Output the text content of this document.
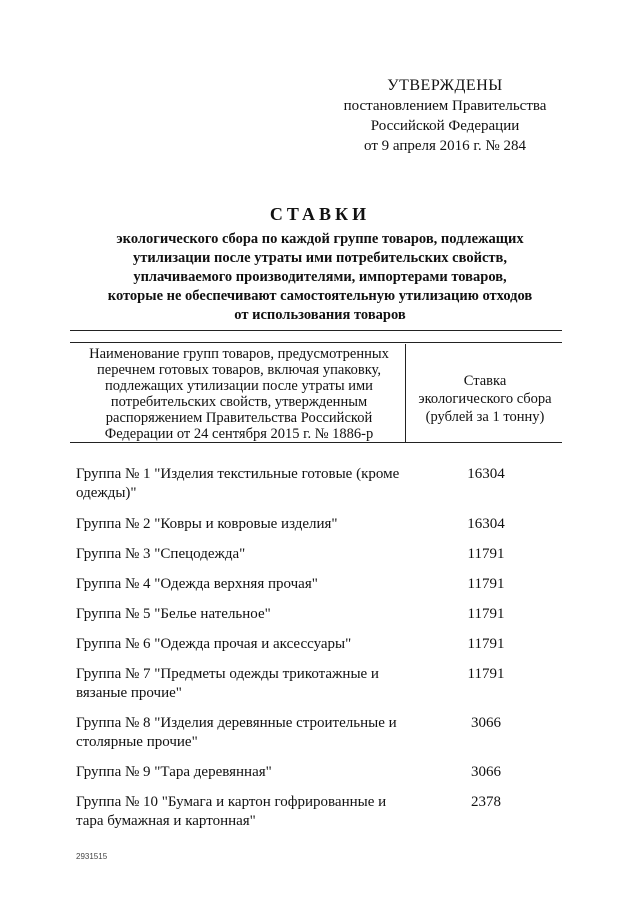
УТВЕРЖДЕНЫ
постановлением Правительства
Российской Федерации
от 9 апреля 2016 г. № 284
СТАВКИ
экологического сбора по каждой группе товаров, подлежащих
утилизации после утраты ими потребительских свойств,
уплачиваемого производителями, импортерами товаров,
которые не обеспечивают самостоятельную утилизацию отходов
от использования товаров
Наименование групп товаров, предусмотренных
перечнем готовых товаров, включая упаковку,
подлежащих утилизации после утраты ими
потребительских свойств, утвержденным
распоряжением Правительства Российской
Федерации от 24 сентября 2015 г. № 1886-р
Ставка
экологического сбора
(рублей за 1 тонну)
Группа № 1 "Изделия текстильные готовые (кроме одежды)"
16304
Группа № 2 "Ковры и ковровые изделия"	16304
Группа № 3 "Спецодежда"	11791
Группа № 4 "Одежда верхняя прочая"	11791
Группа № 5 "Белье нательное"	11791
Группа № 6 "Одежда прочая и аксессуары"	11791
Группа № 7 "Предметы одежды трикотажные и вязаные прочие"
11791
Группа № 8 "Изделия деревянные строительные и столярные прочие"
3066
Группа № 9 "Тара деревянная"	3066
Группа № 10 "Бумага и картон гофрированные и тара бумажная и картонная"
2378
2931515
